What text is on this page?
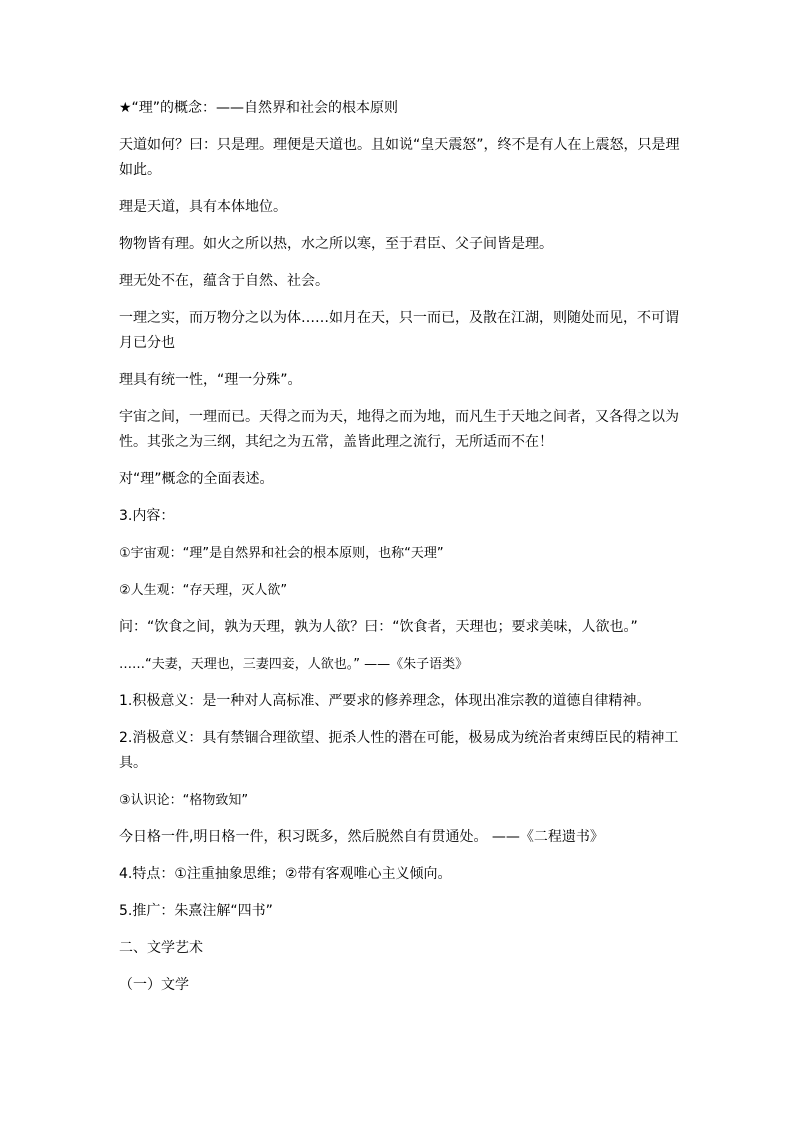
★“理”的概念：——自然界和社会的根本原则
天道如何？曰：只是理。理便是天道也。且如说“皇天震怒”，终不是有人在上震怒，只是理如此。
理是天道，具有本体地位。
物物皆有理。如火之所以热，水之所以寒，至于君臣、父子间皆是理。
理无处不在，蕴含于自然、社会。
一理之实，而万物分之以为体……如月在天，只一而已，及散在江湖，则随处而见，不可谓月已分也
理具有统一性，“理一分殊”。
宇宙之间，一理而已。天得之而为天，地得之而为地，而凡生于天地之间者，又各得之以为性。其张之为三纲，其纪之为五常，盖皆此理之流行，无所适而不在！
对“理”概念的全面表述。
3.内容：
①宇宙观：“理”是自然界和社会的根本原则，也称“天理”
②人生观：“存天理，灭人欲”
问：“饮食之间，孰为天理，孰为人欲？曰：“饮食者，天理也；要求美味，人欲也。”
……“夫妻，天理也，三妻四妾，人欲也。” ——《朱子语类》
1.积极意义：是一种对人高标准、严要求的修养理念，体现出准宗教的道德自律精神。
2.消极意义：具有禁锢合理欲望、扼杀人性的潜在可能，极易成为统治者束缚臣民的精神工具。
③认识论：“格物致知”
今日格一件,明日格一件，积习既多，然后脱然自有贯通处。 ——《二程遗书》
4.特点：①注重抽象思维；②带有客观唯心主义倾向。
5.推广：朱熹注解“四书”
二、文学艺术
（一）文学
